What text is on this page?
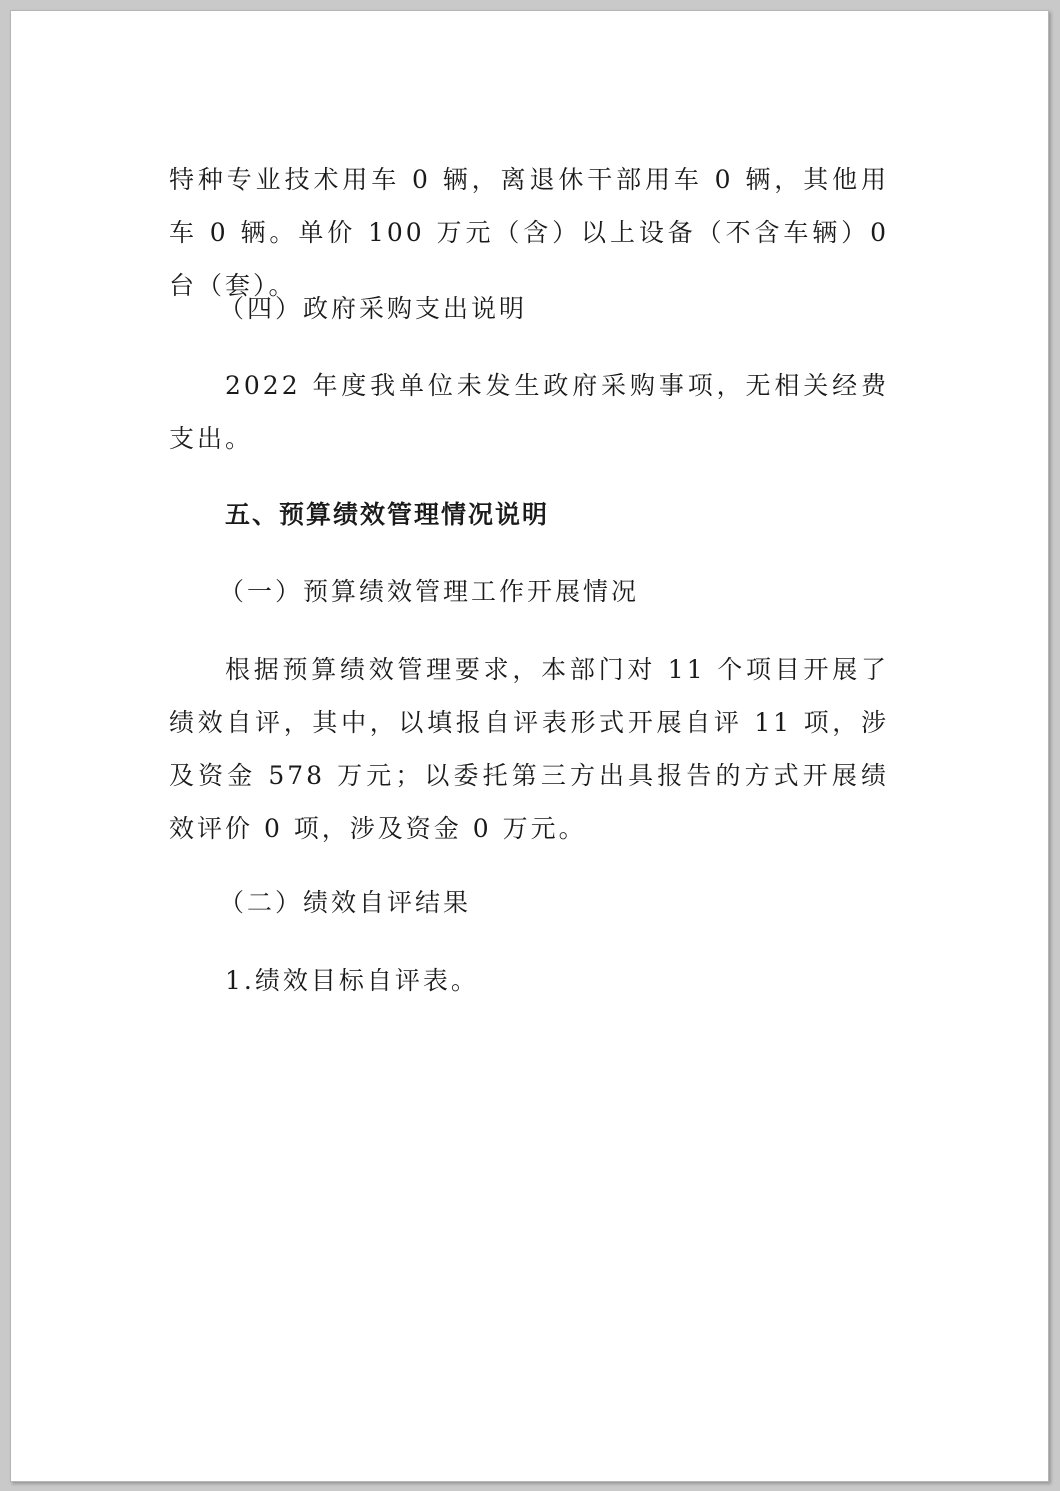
特种专业技术用车 0 辆，离退休干部用车 0 辆，其他用车 0 辆。单价 100 万元（含）以上设备（不含车辆）0 台（套）。

（四）政府采购支出说明

2022 年度我单位未发生政府采购事项，无相关经费支出。

五、预算绩效管理情况说明

（一）预算绩效管理工作开展情况

根据预算绩效管理要求，本部门对 11 个项目开展了绩效自评，其中，以填报自评表形式开展自评 11 项，涉及资金 578 万元；以委托第三方出具报告的方式开展绩效评价 0 项，涉及资金 0 万元。

（二）绩效自评结果

1.绩效目标自评表。
